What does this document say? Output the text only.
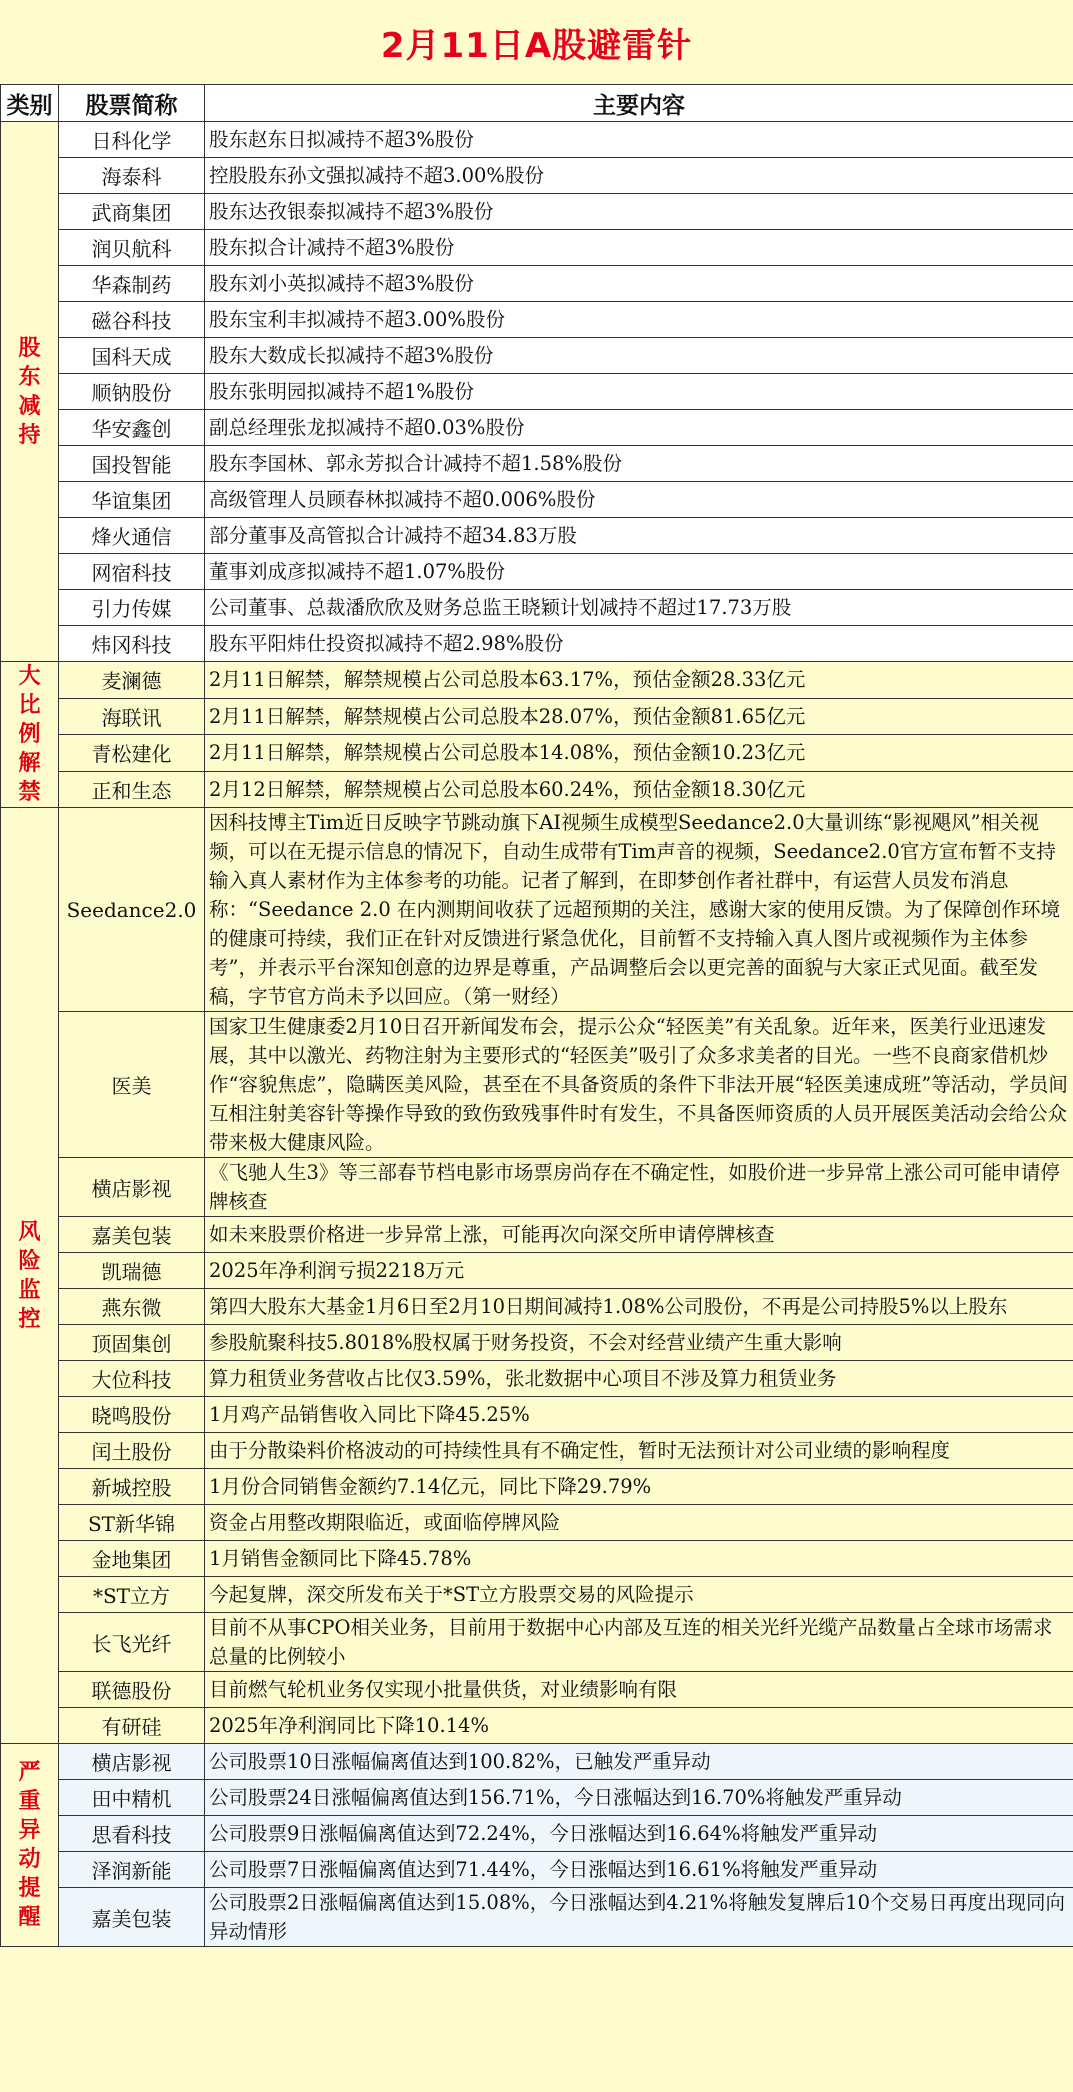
2月11日A股避雷针
类别	股票简称	主要内容

股东减持	日科化学	股东赵东日拟减持不超3%股份
	海泰科	控股股东孙文强拟减持不超3.00%股份
	武商集团	股东达孜银泰拟减持不超3%股份
	润贝航科	股东拟合计减持不超3%股份
	华森制药	股东刘小英拟减持不超3%股份
	磁谷科技	股东宝利丰拟减持不超3.00%股份
	国科天成	股东大数成长拟减持不超3%股份
	顺钠股份	股东张明园拟减持不超1%股份
	华安鑫创	副总经理张龙拟减持不超0.03%股份
	国投智能	股东李国林、郭永芳拟合计减持不超1.58%股份
	华谊集团	高级管理人员顾春林拟减持不超0.006%股份
	烽火通信	部分董事及高管拟合计减持不超34.83万股
	网宿科技	董事刘成彦拟减持不超1.07%股份
	引力传媒	公司董事、总裁潘欣欣及财务总监王晓颖计划减持不超过17.73万股
	炜冈科技	股东平阳炜仕投资拟减持不超2.98%股份

大比例解禁	麦澜德	2月11日解禁，解禁规模占公司总股本63.17%，预估金额28.33亿元
	海联讯	2月11日解禁，解禁规模占公司总股本28.07%，预估金额81.65亿元
	青松建化	2月11日解禁，解禁规模占公司总股本14.08%，预估金额10.23亿元
	正和生态	2月12日解禁，解禁规模占公司总股本60.24%，预估金额18.30亿元

风险监控	Seedance2.0	因科技博主Tim近日反映字节跳动旗下AI视频生成模型Seedance2.0大量训练“影视飓风”相关视频，可以在无提示信息的情况下，自动生成带有Tim声音的视频，Seedance2.0官方宣布暂不支持输入真人素材作为主体参考的功能。记者了解到，在即梦创作者社群中，有运营人员发布消息称：“Seedance 2.0 在内测期间收获了远超预期的关注，感谢大家的使用反馈。为了保障创作环境的健康可持续，我们正在针对反馈进行紧急优化，目前暂不支持输入真人图片或视频作为主体参考”，并表示平台深知创意的边界是尊重，产品调整后会以更完善的面貌与大家正式见面。截至发稿，字节官方尚未予以回应。（第一财经）
	医美	国家卫生健康委2月10日召开新闻发布会，提示公众“轻医美”有关乱象。近年来，医美行业迅速发展，其中以激光、药物注射为主要形式的“轻医美”吸引了众多求美者的目光。一些不良商家借机炒作“容貌焦虑”，隐瞒医美风险，甚至在不具备资质的条件下非法开展“轻医美速成班”等活动，学员间互相注射美容针等操作导致的致伤致残事件时有发生，不具备医师资质的人员开展医美活动会给公众带来极大健康风险。
	横店影视	《飞驰人生3》等三部春节档电影市场票房尚存在不确定性，如股价进一步异常上涨公司可能申请停牌核查
	嘉美包装	如未来股票价格进一步异常上涨，可能再次向深交所申请停牌核查
	凯瑞德	2025年净利润亏损2218万元
	燕东微	第四大股东大基金1月6日至2月10日期间减持1.08%公司股份，不再是公司持股5%以上股东
	顶固集创	参股航聚科技5.8018%股权属于财务投资，不会对经营业绩产生重大影响
	大位科技	算力租赁业务营收占比仅3.59%，张北数据中心项目不涉及算力租赁业务
	晓鸣股份	1月鸡产品销售收入同比下降45.25%
	闰土股份	由于分散染料价格波动的可持续性具有不确定性，暂时无法预计对公司业绩的影响程度
	新城控股	1月份合同销售金额约7.14亿元，同比下降29.79%
	ST新华锦	资金占用整改期限临近，或面临停牌风险
	金地集团	1月销售金额同比下降45.78%
	*ST立方	今起复牌，深交所发布关于*ST立方股票交易的风险提示
	长飞光纤	目前不从事CPO相关业务，目前用于数据中心内部及互连的相关光纤光缆产品数量占全球市场需求总量的比例较小
	联德股份	目前燃气轮机业务仅实现小批量供货，对业绩影响有限
	有研硅	2025年净利润同比下降10.14%

严重异动提醒	横店影视	公司股票10日涨幅偏离值达到100.82%，已触发严重异动
	田中精机	公司股票24日涨幅偏离值达到156.71%，今日涨幅达到16.70%将触发严重异动
	思看科技	公司股票9日涨幅偏离值达到72.24%，今日涨幅达到16.64%将触发严重异动
	泽润新能	公司股票7日涨幅偏离值达到71.44%，今日涨幅达到16.61%将触发严重异动
	嘉美包装	公司股票2日涨幅偏离值达到15.08%，今日涨幅达到4.21%将触发复牌后10个交易日再度出现同向异动情形
